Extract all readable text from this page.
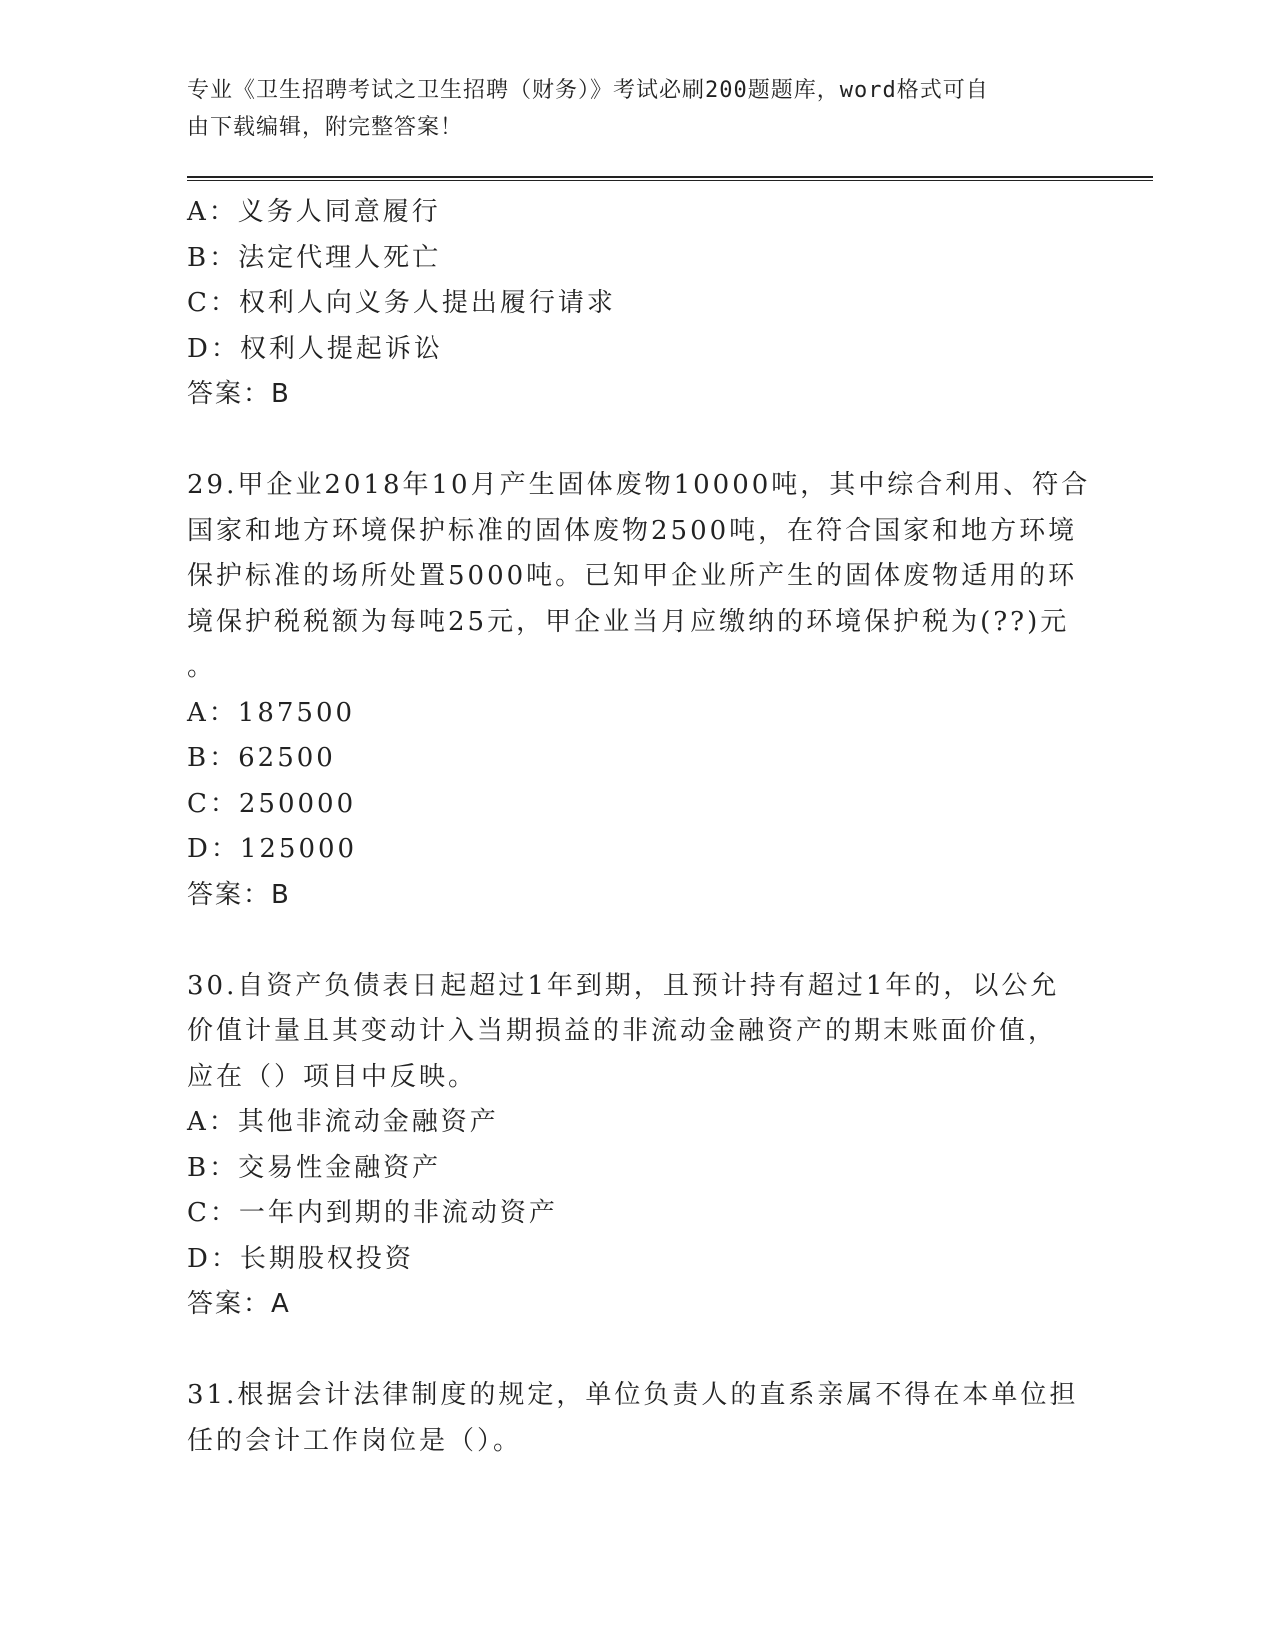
专业《卫生招聘考试之卫生招聘（财务）》考试必刷200题题库，word格式可自
由下载编辑，附完整答案！
A：义务人同意履行
B：法定代理人死亡
C：权利人向义务人提出履行请求
D：权利人提起诉讼
答案：B
29.甲企业2018年10月产生固体废物10000吨，其中综合利用、符合
国家和地方环境保护标准的固体废物2500吨，在符合国家和地方环境
保护标准的场所处置5000吨。已知甲企业所产生的固体废物适用的环
境保护税税额为每吨25元，甲企业当月应缴纳的环境保护税为(??)元
。
A：187500
B：62500
C：250000
D：125000
答案：B
30.自资产负债表日起超过1年到期，且预计持有超过1年的，以公允
价值计量且其变动计入当期损益的非流动金融资产的期末账面价值，
应在（）项目中反映。
A：其他非流动金融资产
B：交易性金融资产
C：一年内到期的非流动资产
D：长期股权投资
答案：A
31.根据会计法律制度的规定，单位负责人的直系亲属不得在本单位担
任的会计工作岗位是（）。
